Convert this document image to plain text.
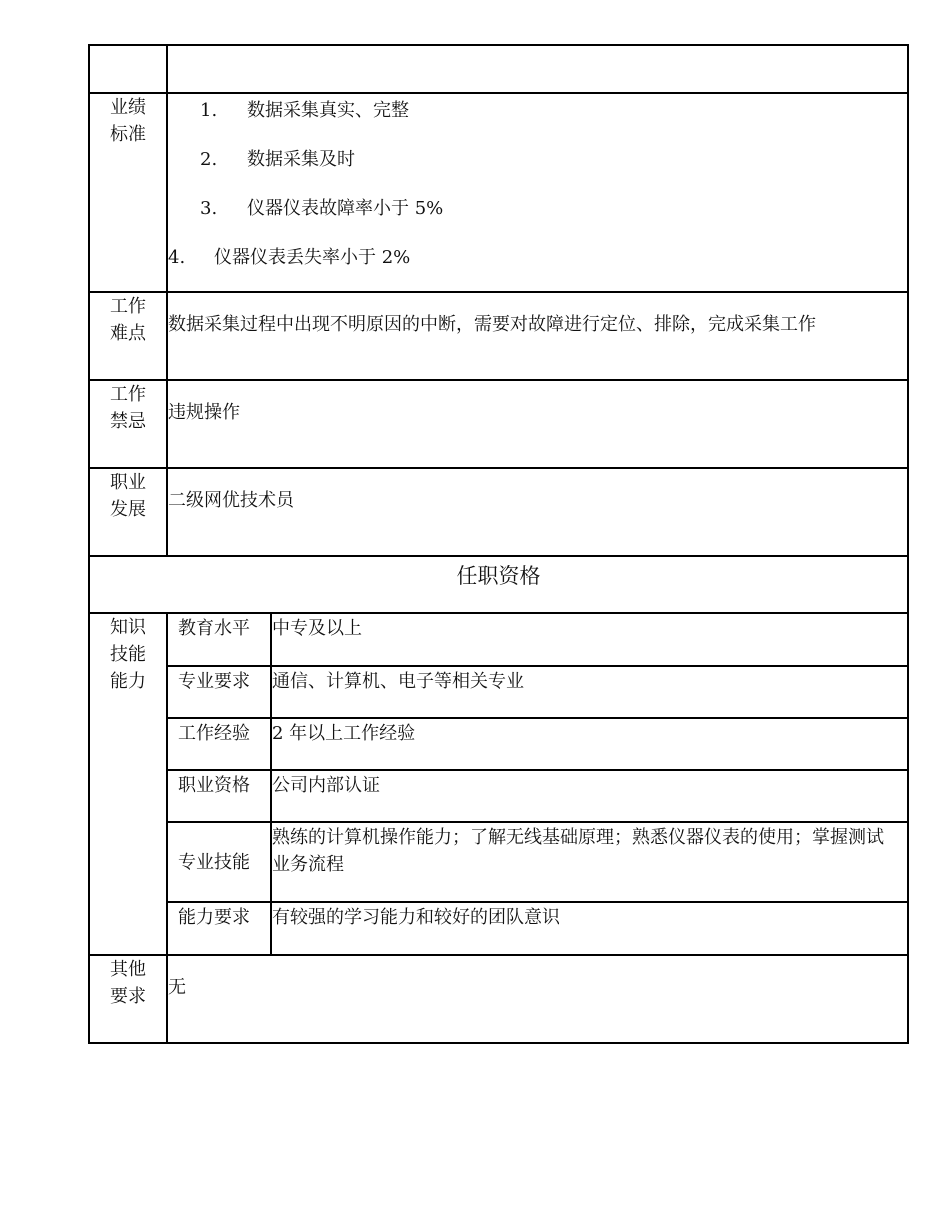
业绩标准	
1. 数据采集真实、完整
2. 数据采集及时
3. 仪器仪表故障率小于 5%
4. 仪器仪表丢失率小于 2%

工作难点	数据采集过程中出现不明原因的中断，需要对故障进行定位、排除，完成采集工作

工作禁忌	违规操作

职业发展	二级网优技术员

任职资格

知识技能能力	
教育水平	中专及以上
专业要求	通信、计算机、电子等相关专业
工作经验	2 年以上工作经验
职业资格	公司内部认证
专业技能	熟练的计算机操作能力；了解无线基础原理；熟悉仪器仪表的使用；掌握测试业务流程
能力要求	有较强的学习能力和较好的团队意识

其他要求	无
